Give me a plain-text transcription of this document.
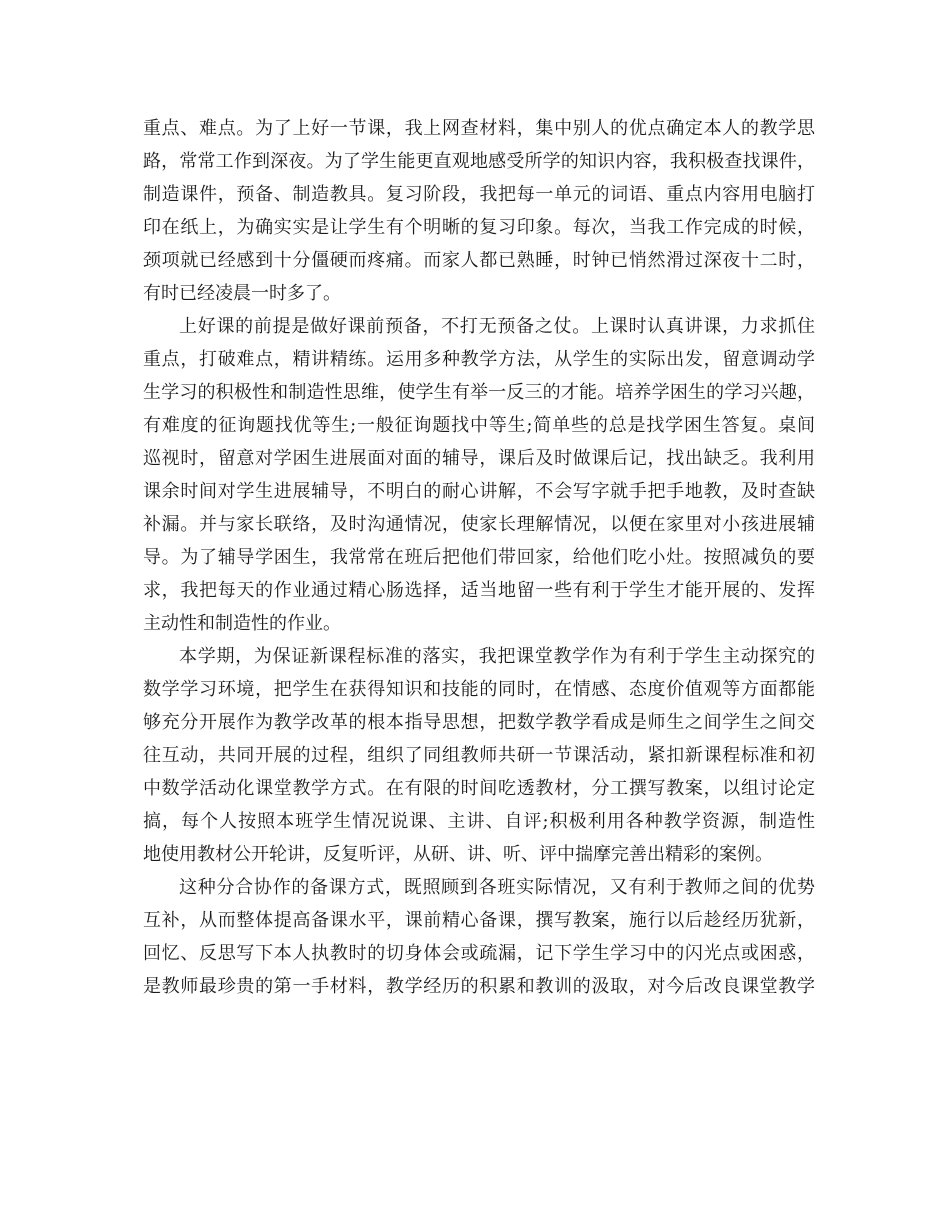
重点、难点。为了上好一节课，我上网查材料，集中别人的优点确定本人的教学思
路，常常工作到深夜。为了学生能更直观地感受所学的知识内容，我积极查找课件，
制造课件，预备、制造教具。复习阶段，我把每一单元的词语、重点内容用电脑打
印在纸上，为确实实是让学生有个明晰的复习印象。每次，当我工作完成的时候，
颈项就已经感到十分僵硬而疼痛。而家人都已熟睡，时钟已悄然滑过深夜十二时，
有时已经凌晨一时多了。
上好课的前提是做好课前预备，不打无预备之仗。上课时认真讲课，力求抓住
重点，打破难点，精讲精练。运用多种教学方法，从学生的实际出发，留意调动学
生学习的积极性和制造性思维，使学生有举一反三的才能。培养学困生的学习兴趣，
有难度的征询题找优等生;一般征询题找中等生;简单些的总是找学困生答复。桌间
巡视时，留意对学困生进展面对面的辅导，课后及时做课后记，找出缺乏。我利用
课余时间对学生进展辅导，不明白的耐心讲解，不会写字就手把手地教，及时查缺
补漏。并与家长联络，及时沟通情况，使家长理解情况，以便在家里对小孩进展辅
导。为了辅导学困生，我常常在班后把他们带回家，给他们吃小灶。按照减负的要
求，我把每天的作业通过精心肠选择，适当地留一些有利于学生才能开展的、发挥
主动性和制造性的作业。
本学期，为保证新课程标准的落实，我把课堂教学作为有利于学生主动探究的
数学学习环境，把学生在获得知识和技能的同时，在情感、态度价值观等方面都能
够充分开展作为教学改革的根本指导思想，把数学教学看成是师生之间学生之间交
往互动，共同开展的过程，组织了同组教师共研一节课活动，紧扣新课程标准和初
中数学活动化课堂教学方式。在有限的时间吃透教材，分工撰写教案，以组讨论定
搞，每个人按照本班学生情况说课、主讲、自评;积极利用各种教学资源，制造性
地使用教材公开轮讲，反复听评，从研、讲、听、评中揣摩完善出精彩的案例。
这种分合协作的备课方式，既照顾到各班实际情况，又有利于教师之间的优势
互补，从而整体提高备课水平，课前精心备课，撰写教案，施行以后趁经历犹新，
回忆、反思写下本人执教时的切身体会或疏漏，记下学生学习中的闪光点或困惑，
是教师最珍贵的第一手材料，教学经历的积累和教训的汲取，对今后改良课堂教学
